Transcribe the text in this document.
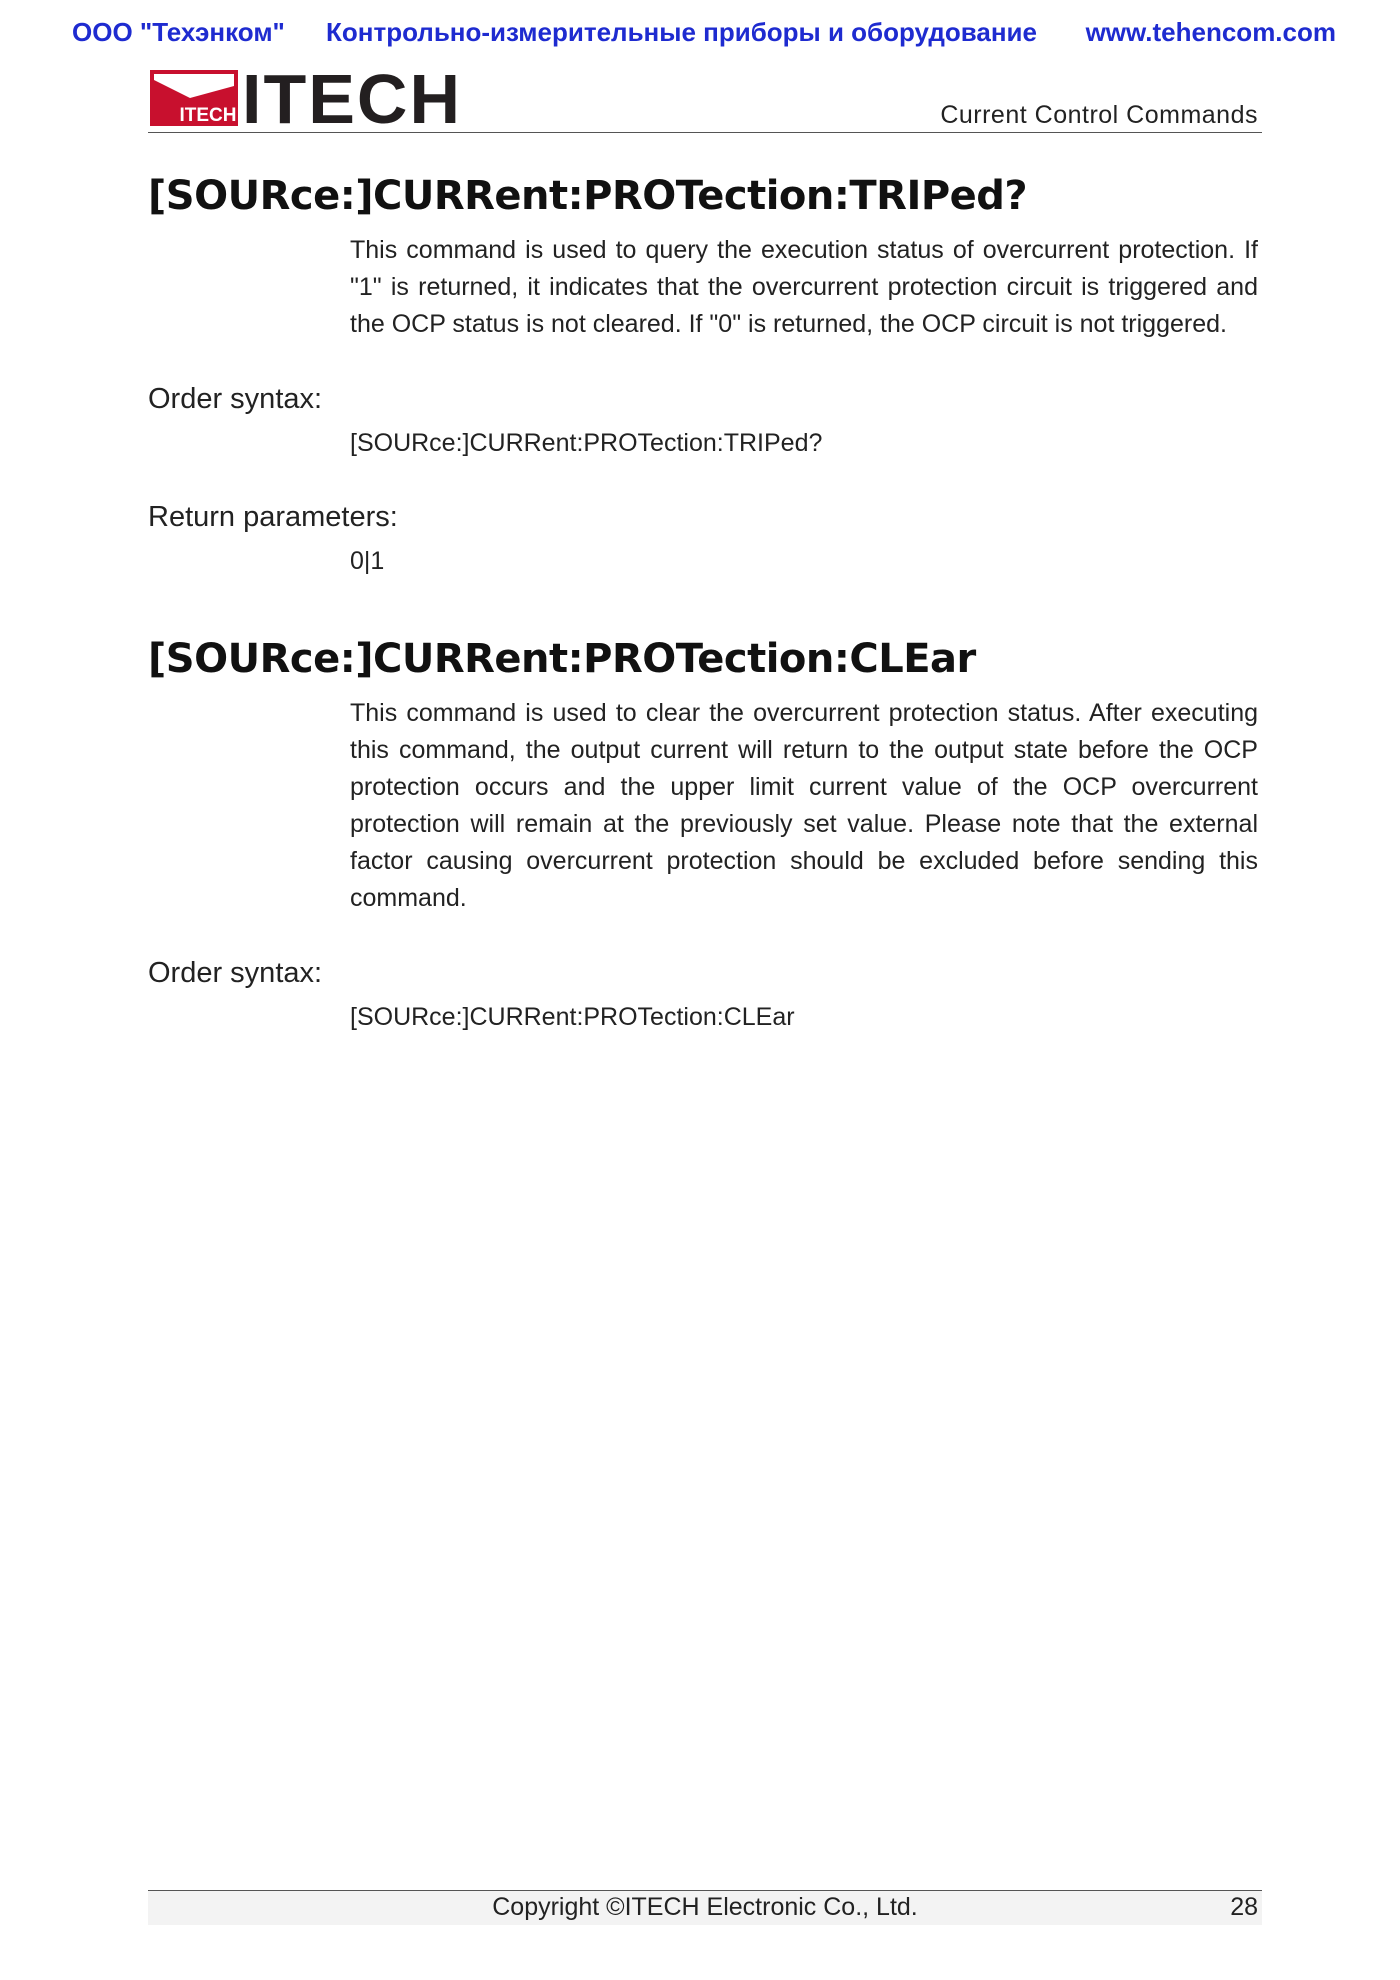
ООО "Техэнком" Контрольно-измерительные приборы и оборудование www.tehencom.com
ITECH ITECH	Current Control Commands
[SOURce:]CURRent:PROTection:TRIPed?

This command is used to query the execution status of overcurrent protection. If "1" is returned, it indicates that the overcurrent protection circuit is triggered and the OCP status is not cleared. If "0" is returned, the OCP circuit is not triggered.

Order syntax:

[SOURce:]CURRent:PROTection:TRIPed?

Return parameters:

0|1

[SOURce:]CURRent:PROTection:CLEar

This command is used to clear the overcurrent protection status. After executing this command, the output current will return to the output state before the OCP protection occurs and the upper limit current value of the OCP overcurrent protection will remain at the previously set value. Please note that the external factor causing overcurrent protection should be excluded before sending this command.

Order syntax:

[SOURce:]CURRent:PROTection:CLEar

Copyright ©ITECH Electronic Co., Ltd.	28
